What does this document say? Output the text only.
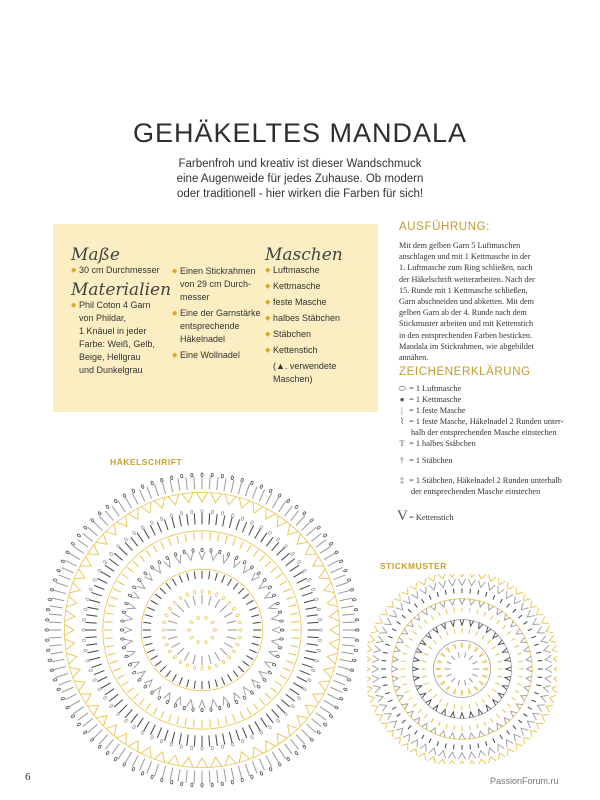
GEHÄKELTES MANDALA
Farbenfroh und kreativ ist dieser Wandschmuck
eine Augenweide für jedes Zuhause. Ob modern
oder traditionell - hier wirken die Farben für sich!
Maße
◆ 30 cm Durchmesser
Materialien
◆ Phil Coton 4 Garn
von Phildar,
1 Knäuel in jeder
Farbe: Weiß, Gelb,
Beige, Hellgrau
und Dunkelgrau
◆ Einen Stickrahmen
von 29 cm Durch-
messer
◆ Eine der Garnstärke
entsprechende
Häkelnadel
◆ Eine Wollnadel
Maschen
◆ Luftmasche
◆ Kettmasche
◆ feste Masche
◆ halbes Stäbchen
◆ Stäbchen
◆ Kettenstich
(▲. verwendete
Maschen)
AUSFÜHRUNG:
Mit dem gelben Garn 5 Luftmaschen
anschlagen und mit 1 Kettmasche in der
1. Luftmasche zum Ring schließen, nach
der Häkelschrift weiterarbeiten. Nach der
15. Runde mit 1 Kettmasche schließen,
Garn abschneiden und abketten. Mit dem
gelben Garn ab der 4. Runde nach dem
Stickmuster arbeiten und mit Kettenstich
in den entsprechenden Farben besticken.
Mandala im Stickrahmen, wie abgebildet
annähen.
ZEICHENERKLÄRUNG
⬭ = 1 Luftmasche
● = 1 Kettmasche
| = 1 feste Masche
⌇ = 1 feste Masche, Häkelnadel 2 Runden unter-
halb der entsprechenden Masche einstechen
T = 1 halbes Stäbchen
† = 1 Stäbchen
‡ = 1 Stäbchen, Häkelnadel 2 Runden unterhalb
der entsprechenden Masche einstechen
V = Kettenstich
HÄKELSCHRIFT
STICKMUSTER
6	PassionForum.ru
